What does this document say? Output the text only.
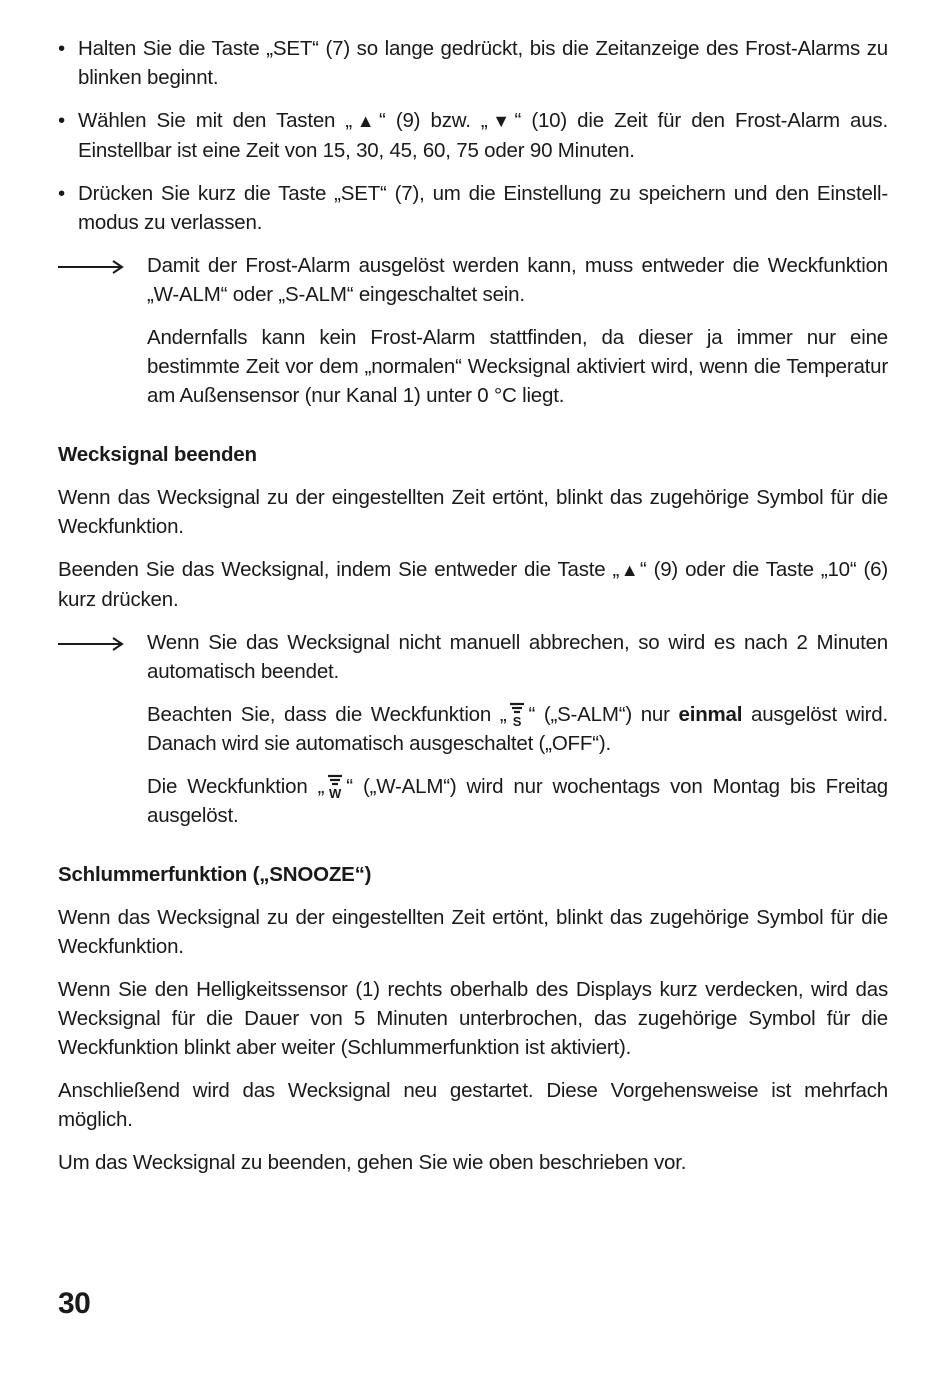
• Halten Sie die Taste „SET“ (7) so lange gedrückt, bis die Zeitanzeige des Frost-Alarms zu blinken beginnt.
• Wählen Sie mit den Tasten „▲“ (9) bzw. „▼“ (10) die Zeit für den Frost-Alarm aus. Einstellbar ist eine Zeit von 15, 30, 45, 60, 75 oder 90 Minuten.
• Drücken Sie kurz die Taste „SET“ (7), um die Einstellung zu speichern und den Einstell-modus zu verlassen.

Damit der Frost-Alarm ausgelöst werden kann, muss entweder die Weckfunktion „W-ALM“ oder „S-ALM“ eingeschaltet sein.

Andernfalls kann kein Frost-Alarm stattfinden, da dieser ja immer nur eine bestimmte Zeit vor dem „normalen“ Wecksignal aktiviert wird, wenn die Temperatur am Außensensor (nur Kanal 1) unter 0 °C liegt.

Wecksignal beenden

Wenn das Wecksignal zu der eingestellten Zeit ertönt, blinkt das zugehörige Symbol für die Weckfunktion.

Beenden Sie das Wecksignal, indem Sie entweder die Taste „▲“ (9) oder die Taste „10“ (6) kurz drücken.

Wenn Sie das Wecksignal nicht manuell abbrechen, so wird es nach 2 Minuten automatisch beendet.

Beachten Sie, dass die Weckfunktion „ S “ („S-ALM“) nur einmal ausgelöst wird. Danach wird sie automatisch ausgeschaltet („OFF“).

Die Weckfunktion „ W “ („W-ALM“) wird nur wochentags von Montag bis Freitag ausgelöst.

Schlummerfunktion („SNOOZE“)

Wenn das Wecksignal zu der eingestellten Zeit ertönt, blinkt das zugehörige Symbol für die Weckfunktion.

Wenn Sie den Helligkeitssensor (1) rechts oberhalb des Displays kurz verdecken, wird das Wecksignal für die Dauer von 5 Minuten unterbrochen, das zugehörige Symbol für die Weckfunktion blinkt aber weiter (Schlummerfunktion ist aktiviert).

Anschließend wird das Wecksignal neu gestartet. Diese Vorgehensweise ist mehrfach möglich.

Um das Wecksignal zu beenden, gehen Sie wie oben beschrieben vor.

30
